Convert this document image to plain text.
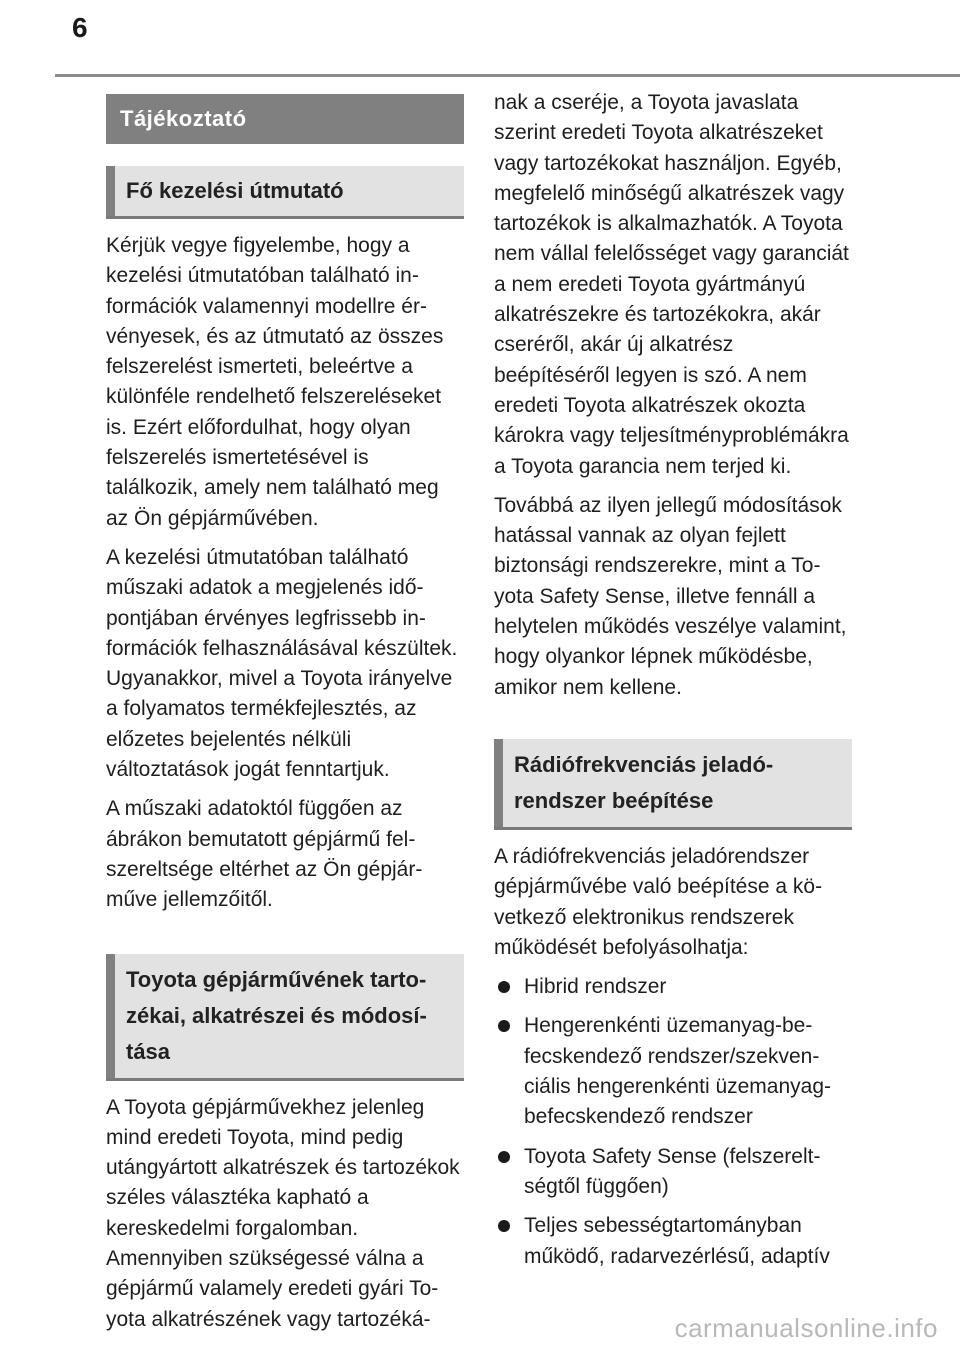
6
Tájékoztató
Fő kezelési útmutató

Kérjük vegye figyelembe, hogy a kezelési útmutatóban található információk valamennyi modellre érvényesek, és az útmutató az összes felszerelést ismerteti, beleértve a különféle rendelhető felszereléseket is. Ezért előfordulhat, hogy olyan felszerelés ismertetésével is találkozik, amely nem található meg az Ön gépjárművében.

A kezelési útmutatóban található műszaki adatok a megjelenés időpontjában érvényes legfrissebb információk felhasználásával készültek. Ugyanakkor, mivel a Toyota irányelve a folyamatos termékfejlesztés, az előzetes bejelentés nélküli változtatások jogát fenntartjuk.

A műszaki adatoktól függően az ábrákon bemutatott gépjármű felszereltsége eltérhet az Ön gépjárműve jellemzőitől.

Toyota gépjárművének tartozékai, alkatrészei és módosítása

A Toyota gépjárművekhez jelenleg mind eredeti Toyota, mind pedig utángyártott alkatrészek és tartozékok széles választéka kapható a kereskedelmi forgalomban. Amennyiben szükségessé válna a gépjármű valamely eredeti gyári Toyota alkatrészének vagy tartozéká-

nak a cseréje, a Toyota javaslata szerint eredeti Toyota alkatrészeket vagy tartozékokat használjon. Egyéb, megfelelő minőségű alkatrészek vagy tartozékok is alkalmazhatók. A Toyota nem vállal felelősséget vagy garanciát a nem eredeti Toyota gyártmányú alkatrészekre és tartozékokra, akár cseréről, akár új alkatrész beépítéséről legyen is szó. A nem eredeti Toyota alkatrészek okozta károkra vagy teljesítményproblémákra a Toyota garancia nem terjed ki.

Továbbá az ilyen jellegű módosítások hatással vannak az olyan fejlett biztonsági rendszerekre, mint a Toyota Safety Sense, illetve fennáll a helytelen működés veszélye valamint, hogy olyankor lépnek működésbe, amikor nem kellene.

Rádiófrekvenciás jeladórendszer beépítése

A rádiófrekvenciás jeladórendszer gépjárművébe való beépítése a következő elektronikus rendszerek működését befolyásolhatja:

Hibrid rendszer
Hengerenkénti üzemanyag-befecskendező rendszer/szekvenciális hengerenkénti üzemanyag-befecskendező rendszer
Toyota Safety Sense (felszereltségtől függően)
Teljes sebességtartományban működő, radarvezérlésű, adaptív
carmanualsonline.info
